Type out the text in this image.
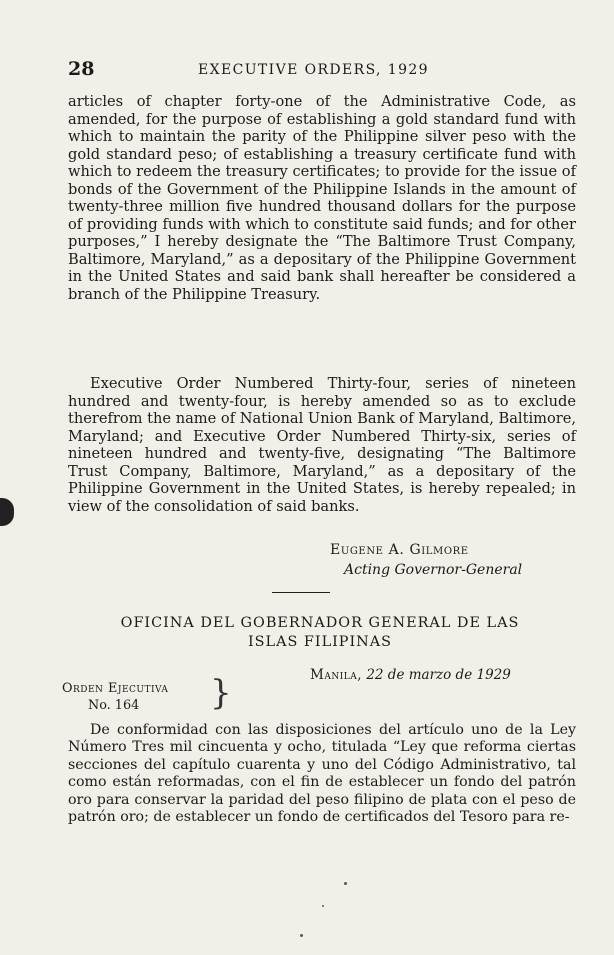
28	EXECUTIVE ORDERS, 1929

articles of chapter forty-one of the Administrative Code, as amended, for the purpose of establishing a gold standard fund with which to maintain the parity of the Philippine silver peso with the gold standard peso; of establishing a treasury certificate fund with which to redeem the treasury certificates; to provide for the issue of bonds of the Government of the Philippine Islands in the amount of twenty-three million five hundred thousand dollars for the purpose of providing funds with which to constitute said funds; and for other purposes,” I hereby designate the “The Baltimore Trust Company, Baltimore, Maryland,” as a depositary of the Philippine Government in the United States and said bank shall hereafter be considered a branch of the Philippine Treasury.

Executive Order Numbered Thirty-four, series of nineteen hundred and twenty-four, is hereby amended so as to exclude therefrom the name of National Union Bank of Maryland, Baltimore, Maryland; and Executive Order Numbered Thirty-six, series of nineteen hundred and twenty-five, designating “The Baltimore Trust Company, Baltimore, Maryland,” as a depositary of the Philippine Government in the United States, is hereby repealed; in view of the consolidation of said banks.

Eugene A. Gilmore
Acting Governor-General
OFICINA DEL GOBERNADOR GENERAL DE LAS
ISLAS FILIPINAS
Manila, 22 de marzo de 1929
Orden Ejecutiva
No. 164 }

De conformidad con las disposiciones del artículo uno de la Ley Número Tres mil cincuenta y ocho, titulada “Ley que reforma ciertas secciones del capítulo cuarenta y uno del Código Administrativo, tal como están reformadas, con el fin de establecer un fondo del patrón oro para conservar la paridad del peso filipino de plata con el peso de patrón oro; de establecer un fondo de certificados del Tesoro para re-
